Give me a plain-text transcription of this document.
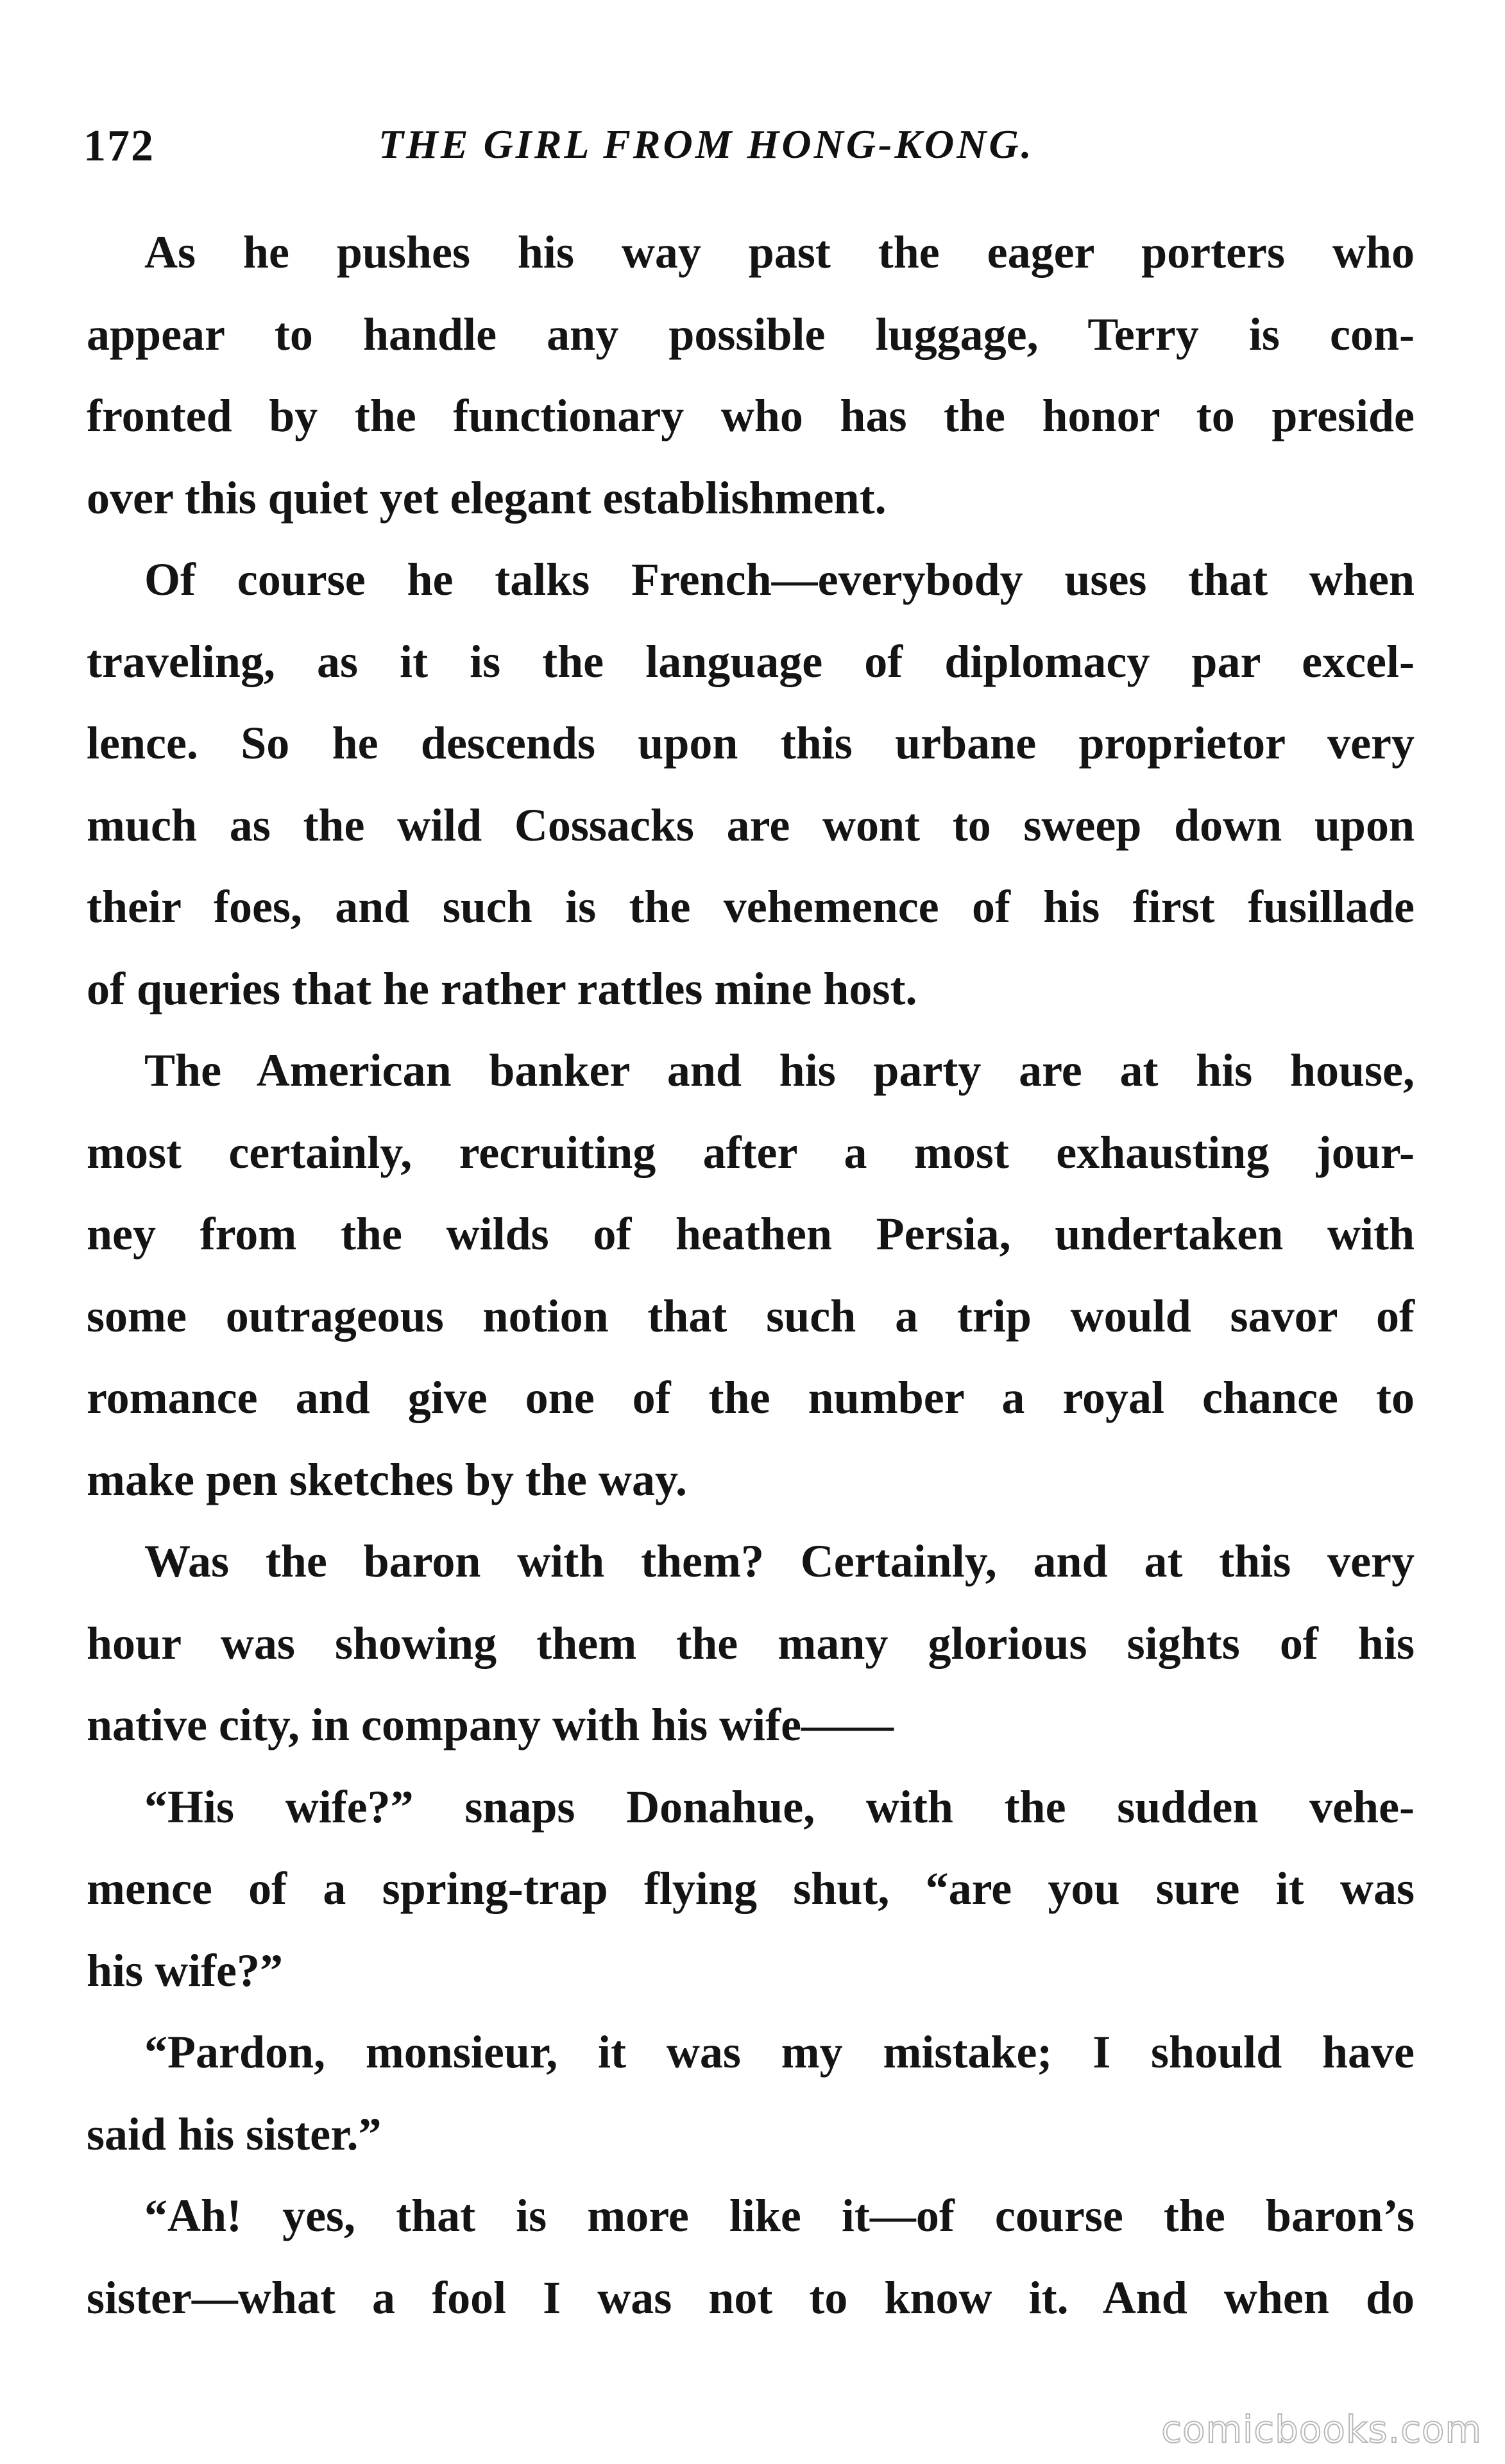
172	THE GIRL FROM HONG-KONG.
As he pushes his way past the eager porters who
appear to handle any possible luggage, Terry is con-
fronted by the functionary who has the honor to preside
over this quiet yet elegant establishment.
Of course he talks French—everybody uses that when
traveling, as it is the language of diplomacy par excel-
lence. So he descends upon this urbane proprietor very
much as the wild Cossacks are wont to sweep down upon
their foes, and such is the vehemence of his first fusillade
of queries that he rather rattles mine host.
The American banker and his party are at his house,
most certainly, recruiting after a most exhausting jour-
ney from the wilds of heathen Persia, undertaken with
some outrageous notion that such a trip would savor of
romance and give one of the number a royal chance to
make pen sketches by the way.
Was the baron with them? Certainly, and at this very
hour was showing them the many glorious sights of his
native city, in company with his wife——
“His wife?” snaps Donahue, with the sudden vehe-
mence of a spring-trap flying shut, “are you sure it was
his wife?”
“Pardon, monsieur, it was my mistake; I should have
said his sister.”
“Ah! yes, that is more like it—of course the baron’s
sister—what a fool I was not to know it. And when do
comicbooks.com
